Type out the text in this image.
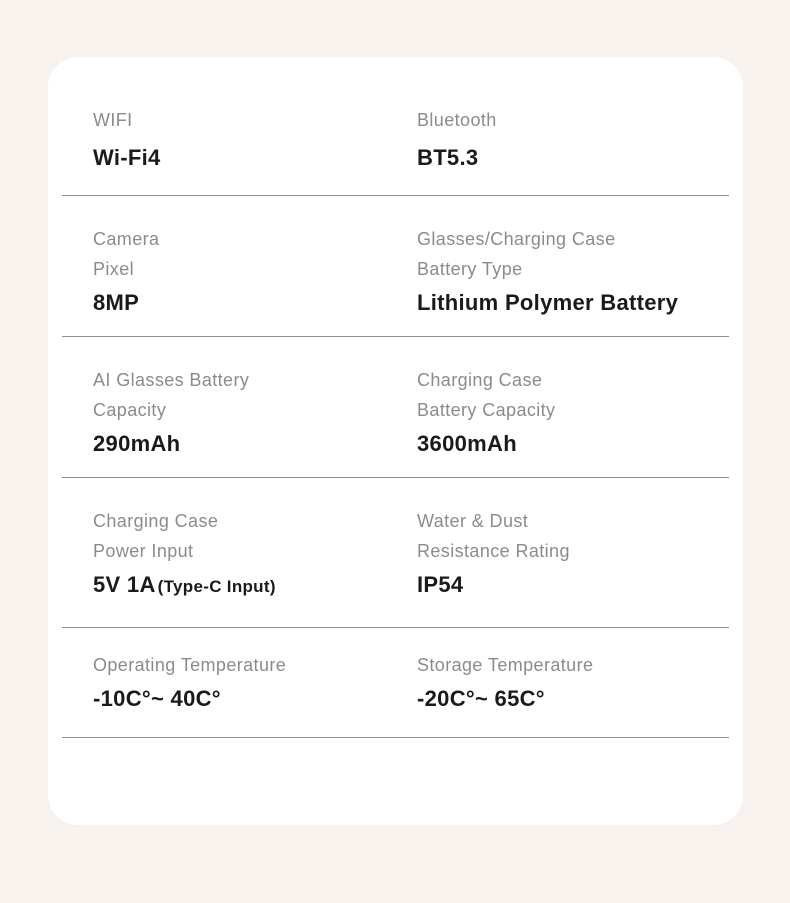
WIFI
Wi-Fi4
Bluetooth
BT5.3
Camera
Pixel
8MP
Glasses/Charging Case
Battery Type
Lithium Polymer Battery
AI Glasses Battery
Capacity
290mAh
Charging Case
Battery Capacity
3600mAh
Charging Case
Power Input
5V 1A (Type-C Input)
Water & Dust
Resistance Rating
IP54
Operating Temperature
-10C°~ 40C°
Storage Temperature
-20C°~ 65C°
